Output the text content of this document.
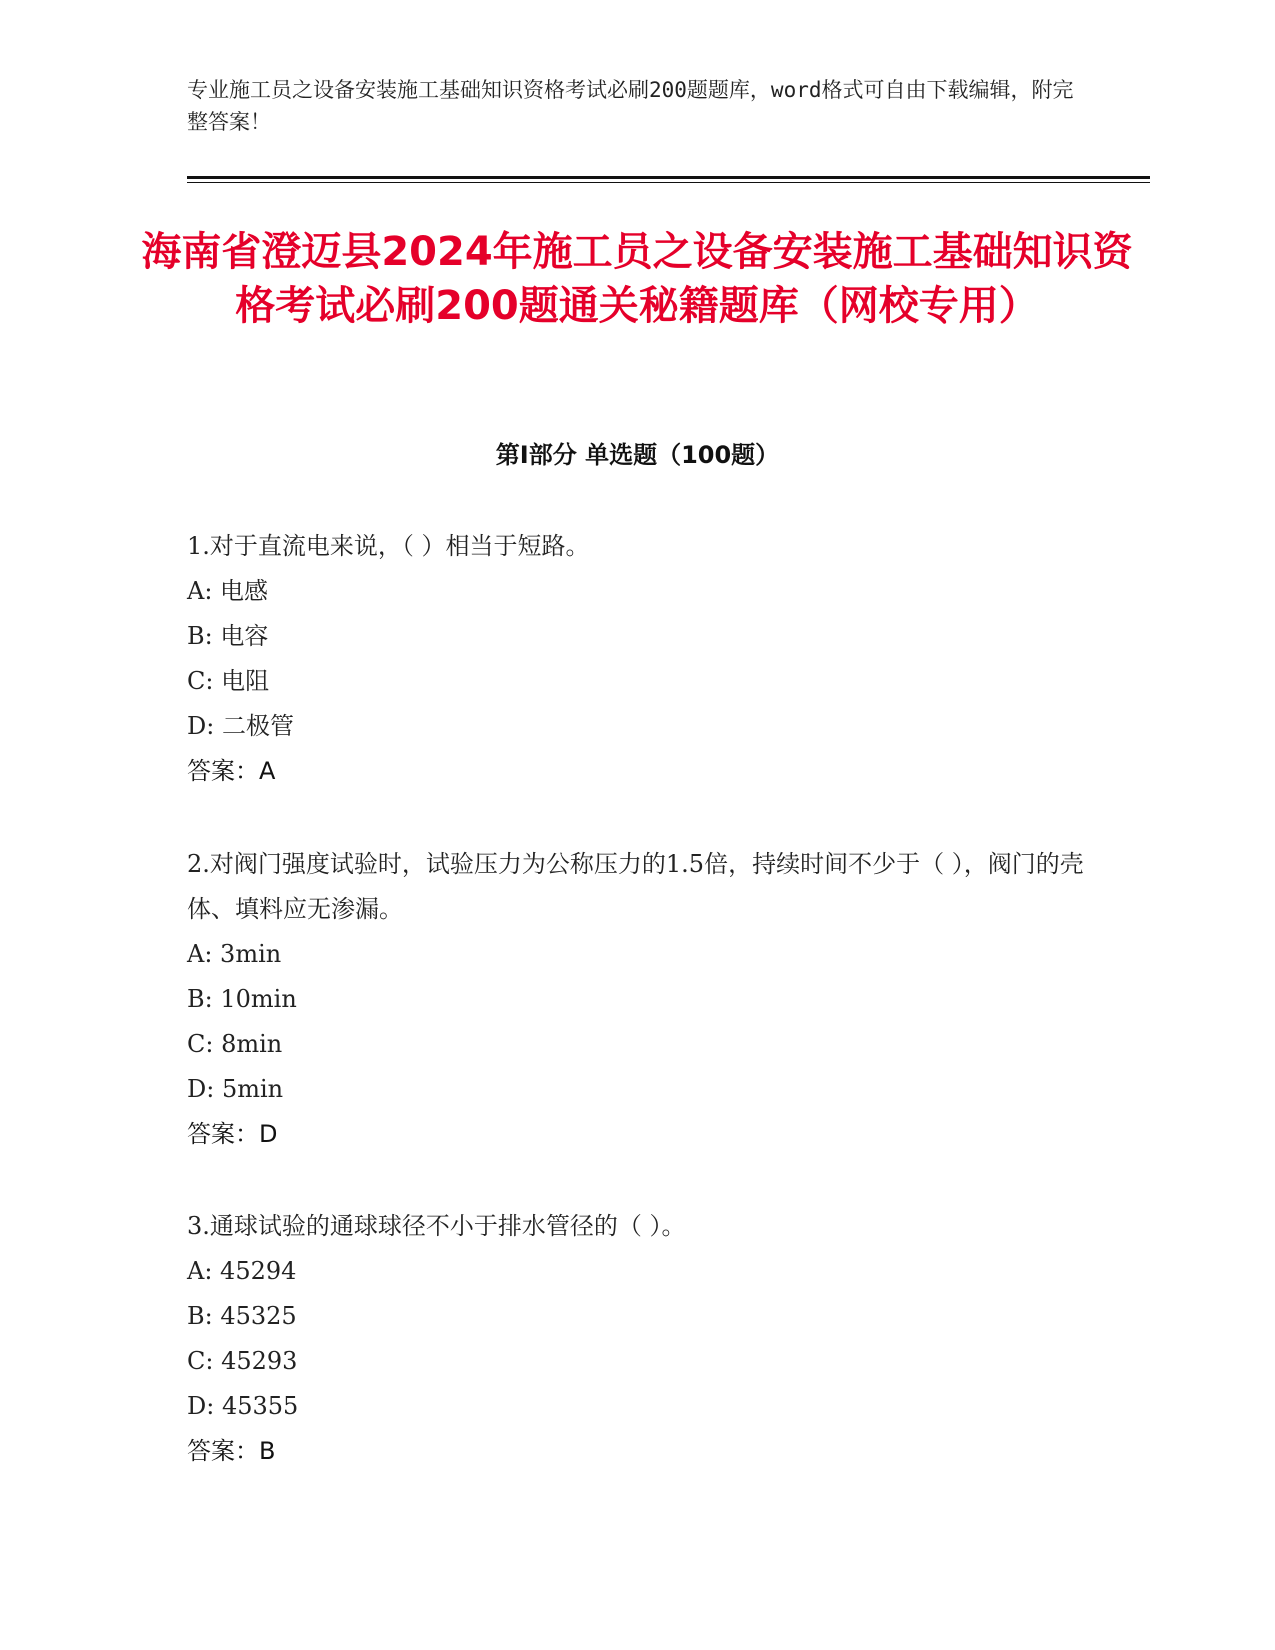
专业施工员之设备安装施工基础知识资格考试必刷200题题库，word格式可自由下载编辑，附完整答案！

海南省澄迈县2024年施工员之设备安装施工基础知识资格考试必刷200题通关秘籍题库（网校专用）
第I部分 单选题（100题）

1.对于直流电来说，（ ）相当于短路。

A: 电感

B: 电容

C: 电阻

D: 二极管

答案：A

2.对阀门强度试验时，试验压力为公称压力的1.5倍，持续时间不少于（ ），阀门的壳体、填料应无渗漏。

A: 3min

B: 10min

C: 8min

D: 5min

答案：D

3.通球试验的通球球径不小于排水管径的（ ）。

A: 45294

B: 45325

C: 45293

D: 45355

答案：B
